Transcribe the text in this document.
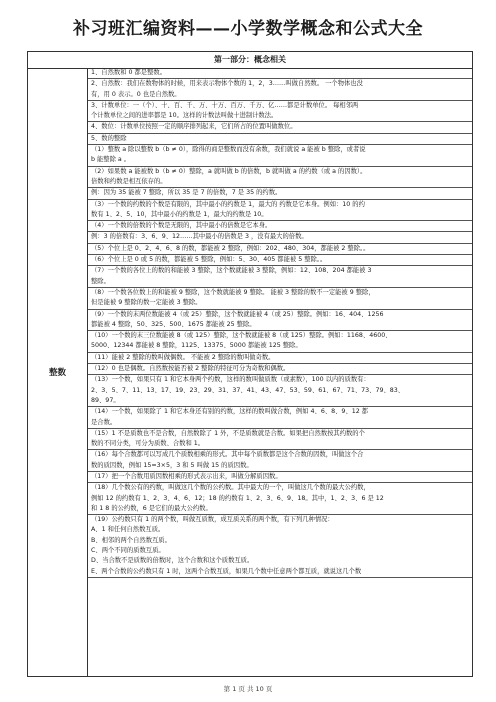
补习班汇编资料——小学数学概念和公式大全
第一部分：概念相关
整数
1、自然数和 0 都是整数。
2、自然数：我们在数物体的时候，用来表示物体个数的 1，2，3……叫做自然数。 一个物体也没
有，用 0 表示。0 也是自然数。
3、计数单位：一（个）、十、百、千、万、十万、百万、千万、亿……都是计数单位。 每相邻两
个计数单位之间的进率都是 10。这样的计数法叫做十进制计数法。
4、数位：计数单位按照一定的顺序排列起来，它们所占的位置叫做数位。
5、数的整除
（1）整数 a 除以整数 b（b ≠ 0），除得的商是整数而没有余数，我们就说 a 能被 b 整除，或者说
b 能整除 a 。
（2）如果数 a 能被数 b（b ≠ 0）整除，a 就叫做 b 的倍数，b 就叫做 a 的约数（或 a 的因数）。
倍数和约数是相互依存的。
例：因为 35 能被 7 整除，所以 35 是 7 的倍数，7 是 35 的约数。
（3）一个数的约数的个数是有限的，其中最小的约数是 1，最大的 约数是它本身。例如：10 的约
数有 1、2、5、10，其中最小的约数是 1，最大的约数是 10。
（4）一个数的倍数的个数是无限的，其中最小的倍数是它本身。
例：3 的倍数有：3、6、9、12……其中最小的倍数是 3 ，没有最大的倍数。
（5）个位上是 0、2、4、6、8 的数，都能被 2 整除，例如：202、480、304，都能被 2 整除。。
（6）个位上是 0 或 5 的数，都能被 5 整除，例如：5、30、405 都能被 5 整除。。
（7）一个数的各位上的数的和能被 3 整除，这个数就能被 3 整除，例如：12、108、204 都能被 3
整除。
（8）一个数各位数上的和能被 9 整除，这个数就能被 9 整除。 能被 3 整除的数不一定能被 9 整除，
但是能被 9 整除的数一定能被 3 整除。
（9）一个数的末两位数能被 4（或 25）整除，这个数就能被 4（或 25）整除。例如：16、404、1256
都能被 4 整除，50、325、500、1675 都能被 25 整除。
（10）一个数的末三位数能被 8（或 125）整除，这个数就能被 8（或 125）整除。例如：1168、4600、
5000、12344 都能被 8 整除，1125、13375、5000 都能被 125 整除。
（11）能被 2 整除的数叫做偶数。 不能被 2 整除的数叫做奇数。
（12）0 也是偶数。自然数按能否被 2 整除的特征可分为奇数和偶数。
（13）一个数，如果只有 1 和它本身两个约数，这样的数叫做质数（或素数），100 以内的质数有：
2、3、5、7、11、13、17、19、23、29、31、37、41、43、47、53、59、61、67、71、73、79、83、
89、97。
（14）一个数，如果除了 1 和它本身还有别的约数，这样的数叫做合数，例如 4、6、8、9、12 都
是合数。
（15）1 不是质数也不是合数，自然数除了 1 外，不是质数就是合数。如果把自然数按其约数的个
数的不同分类，可分为质数、合数和 1。
（16）每个合数都可以写成几个质数相乘的形式。其中每个质数都是这个合数的因数，叫做这个合
数的质因数，例如 15=3×5，3 和 5 叫做 15 的质因数。
（17）把一个合数用质因数相乘的形式表示出来，叫做分解质因数。
（18）几个数公有的约数，叫做这几个数的公约数。其中最大的一个，叫做这几个数的最大公约数，
例如 12 的约数有 1、2、3、4、6、12；18 的约数有 1、2、3、6、9、18。其中，1、2、3、6 是 12
和 1 8 的公约数，6 是它们的最大公约数。
（19）公约数只有 1 的两个数，叫做互质数，成互质关系的两个数，有下列几种情况：
A、1 和任何自然数互质。
B、相邻的两个自然数互质。
C、两个不同的质数互质。
D、当合数不是质数的倍数时，这个合数和这个质数互质。
E、两个合数的公约数只有 1 时，这两个合数互质，如果几个数中任意两个都互质，就说这几个数
第 1 页 共 10 页
